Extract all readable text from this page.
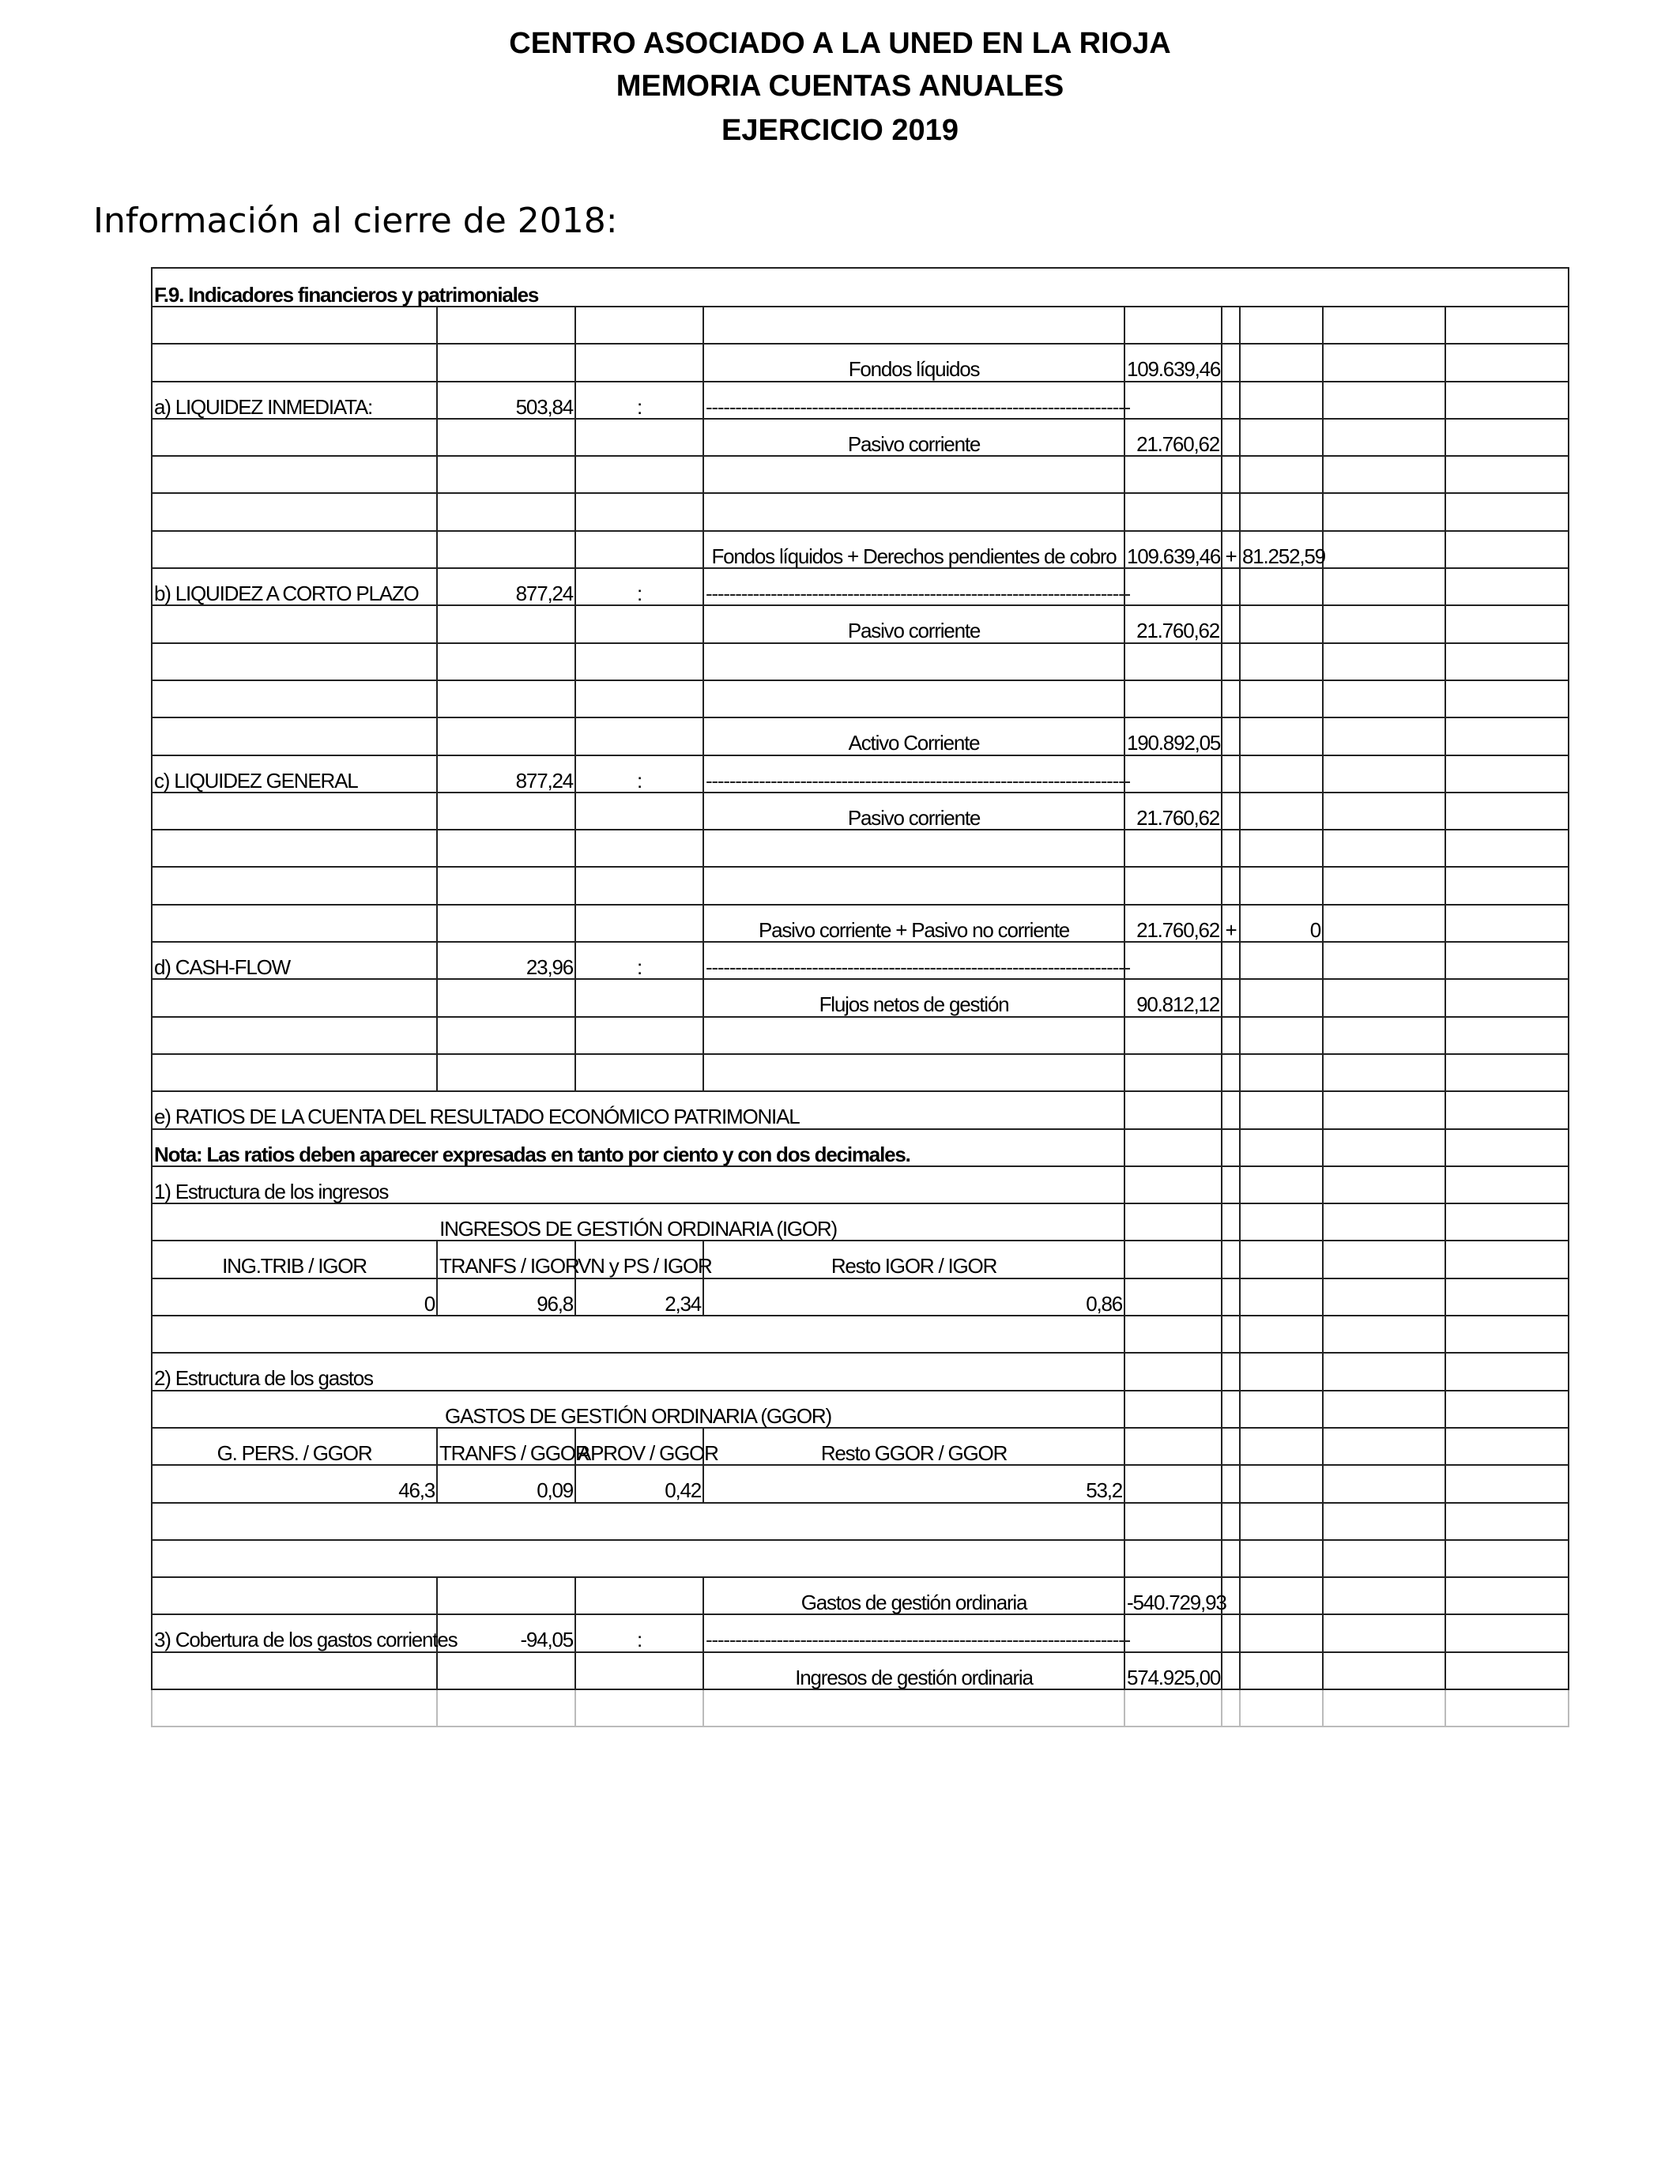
CENTRO ASOCIADO A LA UNED EN LA RIOJA
MEMORIA CUENTAS ANUALES
EJERCICIO 2019
Información al cierre de 2018:
F.9. Indicadores financieros y patrimoniales								

			Fondos líquidos	109.639,46				
a) LIQUIDEZ INMEDIATA:	503,84	:	------------------------------------------------------------------------					
			Pasivo corriente	21.760,62				

			Fondos líquidos + Derechos pendientes de cobro	109.639,46	+	81.252,59		
b) LIQUIDEZ A CORTO PLAZO	877,24	:	------------------------------------------------------------------------					
			Pasivo corriente	21.760,62				

			Activo Corriente	190.892,05				
c) LIQUIDEZ GENERAL	877,24	:	------------------------------------------------------------------------					
			Pasivo corriente	21.760,62				

			Pasivo corriente + Pasivo no corriente	21.760,62	+	0		
d) CASH-FLOW	23,96	:	------------------------------------------------------------------------					
			Flujos netos de gestión	90.812,12				

e) RATIOS DE LA CUENTA DEL RESULTADO ECONÓMICO PATRIMONIAL								
Nota: Las ratios deben aparecer expresadas en tanto por ciento y con dos decimales.								
1) Estructura de los ingresos								
INGRESOS DE GESTIÓN ORDINARIA (IGOR)								
ING.TRIB / IGOR	TRANFS / IGOR	VN y PS / IGOR	Resto IGOR / IGOR					
0	96,8	2,34	0,86					

2) Estructura de los gastos								
GASTOS DE GESTIÓN ORDINARIA (GGOR)								
G. PERS. / GGOR	TRANFS / GGOR	APROV / GGOR	Resto GGOR / GGOR					
46,3	0,09	0,42	53,2					

			Gastos de gestión ordinaria	-540.729,93				
3) Cobertura de los gastos corrientes	-94,05	:	------------------------------------------------------------------------					
			Ingresos de gestión ordinaria	574.925,00				
